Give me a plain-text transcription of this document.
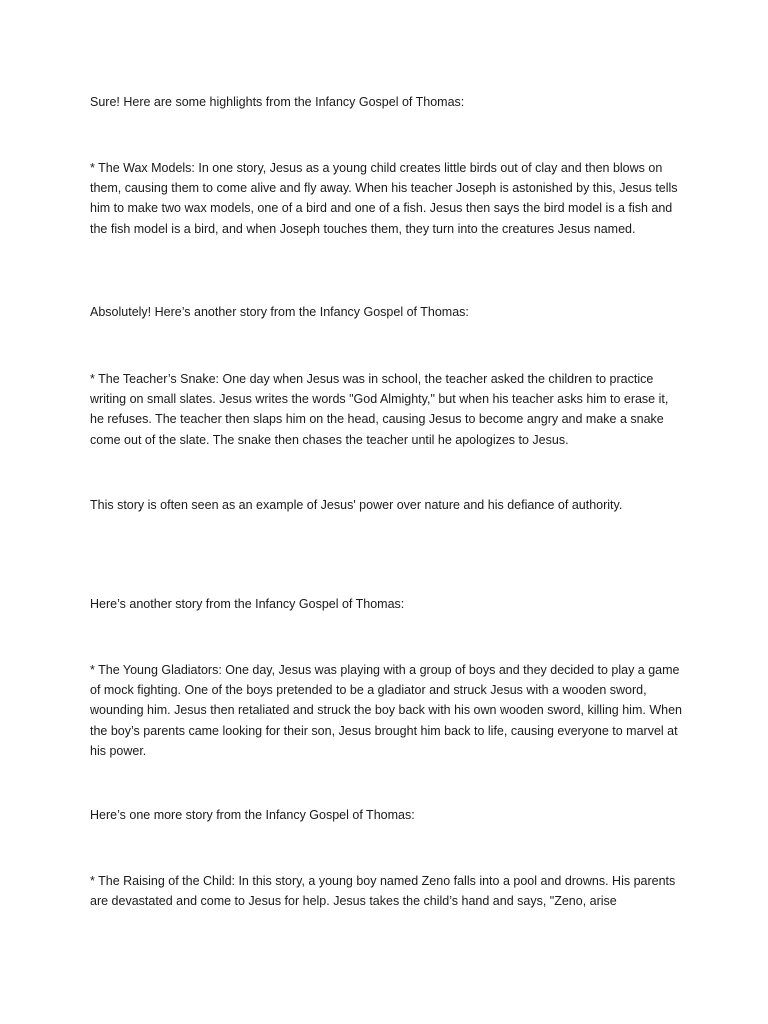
Sure! Here are some highlights from the Infancy Gospel of Thomas:

* The Wax Models: In one story, Jesus as a young child creates little birds out of clay and then blows on them, causing them to come alive and fly away. When his teacher Joseph is astonished by this, Jesus tells him to make two wax models, one of a bird and one of a fish. Jesus then says the bird model is a fish and the fish model is a bird, and when Joseph touches them, they turn into the creatures Jesus named.

Absolutely! Here’s another story from the Infancy Gospel of Thomas:

* The Teacher’s Snake: One day when Jesus was in school, the teacher asked the children to practice writing on small slates. Jesus writes the words "God Almighty," but when his teacher asks him to erase it, he refuses. The teacher then slaps him on the head, causing Jesus to become angry and make a snake come out of the slate. The snake then chases the teacher until he apologizes to Jesus.

This story is often seen as an example of Jesus' power over nature and his defiance of authority.

Here’s another story from the Infancy Gospel of Thomas:

* The Young Gladiators: One day, Jesus was playing with a group of boys and they decided to play a game of mock fighting. One of the boys pretended to be a gladiator and struck Jesus with a wooden sword, wounding him. Jesus then retaliated and struck the boy back with his own wooden sword, killing him. When the boy’s parents came looking for their son, Jesus brought him back to life, causing everyone to marvel at his power.

Here’s one more story from the Infancy Gospel of Thomas:

* The Raising of the Child: In this story, a young boy named Zeno falls into a pool and drowns. His parents are devastated and come to Jesus for help. Jesus takes the child’s hand and says, "Zeno, arise
